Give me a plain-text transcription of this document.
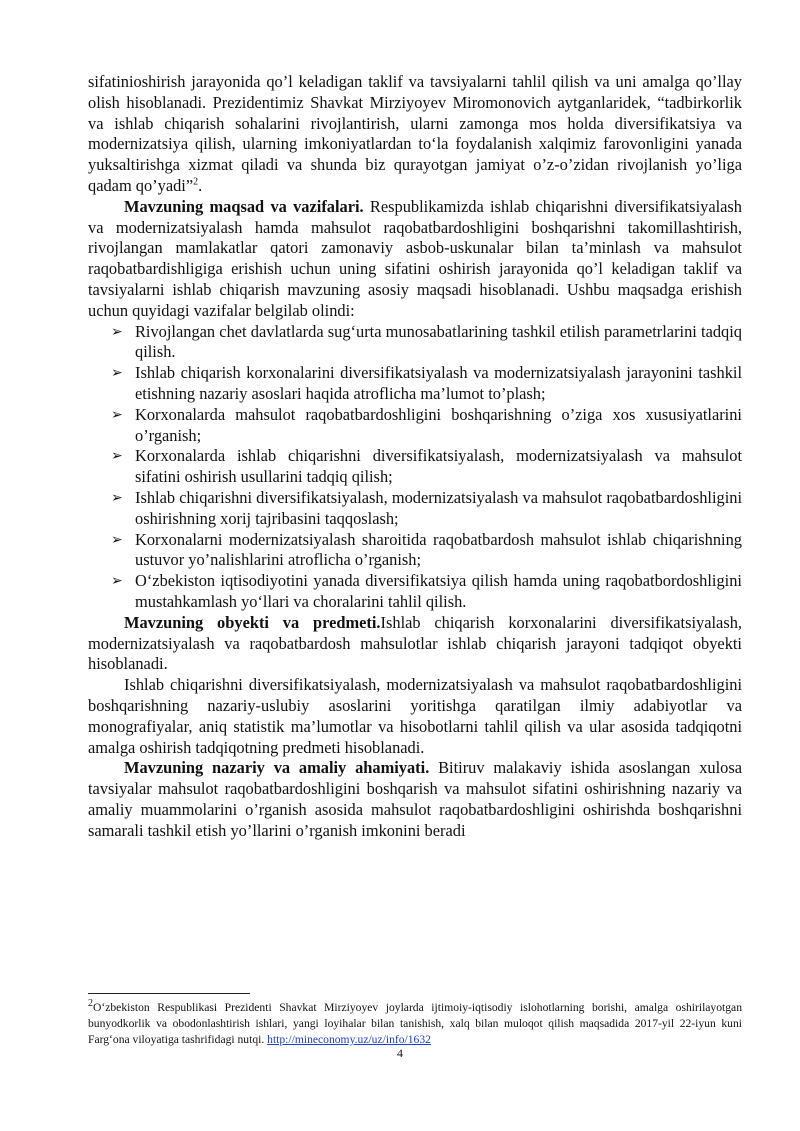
sifatinioshirish jarayonida qo’l keladigan taklif va tavsiyalarni tahlil qilish va uni amalga qo’llay olish hisoblanadi. Prezidentimiz Shavkat Mirziyoyev Miromonovich aytganlaridek, “tadbirkorlik va ishlab chiqarish sohalarini rivojlantirish, ularni zamonga mos holda diversifikatsiya va modernizatsiya qilish, ularning imkoniyatlardan to‘la foydalanish xalqimiz farovonligini yanada yuksaltirishga xizmat qiladi va shunda biz qurayotgan jamiyat o’z-o’zidan rivojlanish yo’liga qadam qo’yadi”$^2$.

Mavzuning maqsad va vazifalari. Respublikamizda ishlab chiqarishni diversifikatsiyalash va modernizatsiyalash hamda mahsulot raqobatbardoshligini boshqarishni takomillashtirish, rivojlangan mamlakatlar qatori zamonaviy asbob-uskunalar bilan ta’minlash va mahsulot raqobatbardishligiga erishish uchun uning sifatini oshirish jarayonida qo’l keladigan taklif va tavsiyalarni ishlab chiqarish mavzuning asosiy maqsadi hisoblanadi. Ushbu maqsadga erishish uchun quyidagi vazifalar belgilab olindi:

➢ Rivojlangan chet davlatlarda sug‘urta munosabatlarining tashkil etilish parametrlarini tadqiq qilish.
➢ Ishlab chiqarish korxonalarini diversifikatsiyalash va modernizatsiyalash jarayonini tashkil etishning nazariy asoslari haqida atroflicha ma’lumot to’plash;
➢ Korxonalarda mahsulot raqobatbardoshligini boshqarishning o’ziga xos xususiyatlarini o’rganish;
➢ Korxonalarda ishlab chiqarishni diversifikatsiyalash, modernizatsiyalash va mahsulot sifatini oshirish usullarini tadqiq qilish;
➢ Ishlab chiqarishni diversifikatsiyalash, modernizatsiyalash va mahsulot raqobatbardoshligini oshirishning xorij tajribasini taqqoslash;
➢ Korxonalarni modernizatsiyalash sharoitida raqobatbardosh mahsulot ishlab chiqarishning ustuvor yo’nalishlarini atroflicha o’rganish;
➢ O‘zbekiston iqtisodiyotini yanada diversifikatsiya qilish hamda uning raqobatbordoshligini mustahkamlash yo‘llari va choralarini tahlil qilish.

Mavzuning obyekti va predmeti.Ishlab chiqarish korxonalarini diversifikatsiyalash, modernizatsiyalash va raqobatbardosh mahsulotlar ishlab chiqarish jarayoni tadqiqot obyekti hisoblanadi.

Ishlab chiqarishni diversifikatsiyalash, modernizatsiyalash va mahsulot raqobatbardoshligini boshqarishning nazariy-uslubiy asoslarini yoritishga qaratilgan ilmiy adabiyotlar va monografiyalar, aniq statistik ma’lumotlar va hisobotlarni tahlil qilish va ular asosida tadqiqotni amalga oshirish tadqiqotning predmeti hisoblanadi.

Mavzuning nazariy va amaliy ahamiyati. Bitiruv malakaviy ishida asoslangan xulosa tavsiyalar mahsulot raqobatbardoshligini boshqarish va mahsulot sifatini oshirishning nazariy va amaliy muammolarini o’rganish asosida mahsulot raqobatbardoshligini oshirishda boshqarishni samarali tashkil etish yo’llarini o’rganish imkonini beradi

$^2$O‘zbekiston Respublikasi Prezidenti Shavkat Mirziyoyev joylarda ijtimoiy-iqtisodiy islohotlarning borishi, amalga oshirilayotgan bunyodkorlik va obodonlashtirish ishlari, yangi loyihalar bilan tanishish, xalq bilan muloqot qilish maqsadida 2017-yil 22-iyun kuni Farg‘ona viloyatiga tashrifidagi nutqi. http://mineconomy.uz/uz/info/1632
4
